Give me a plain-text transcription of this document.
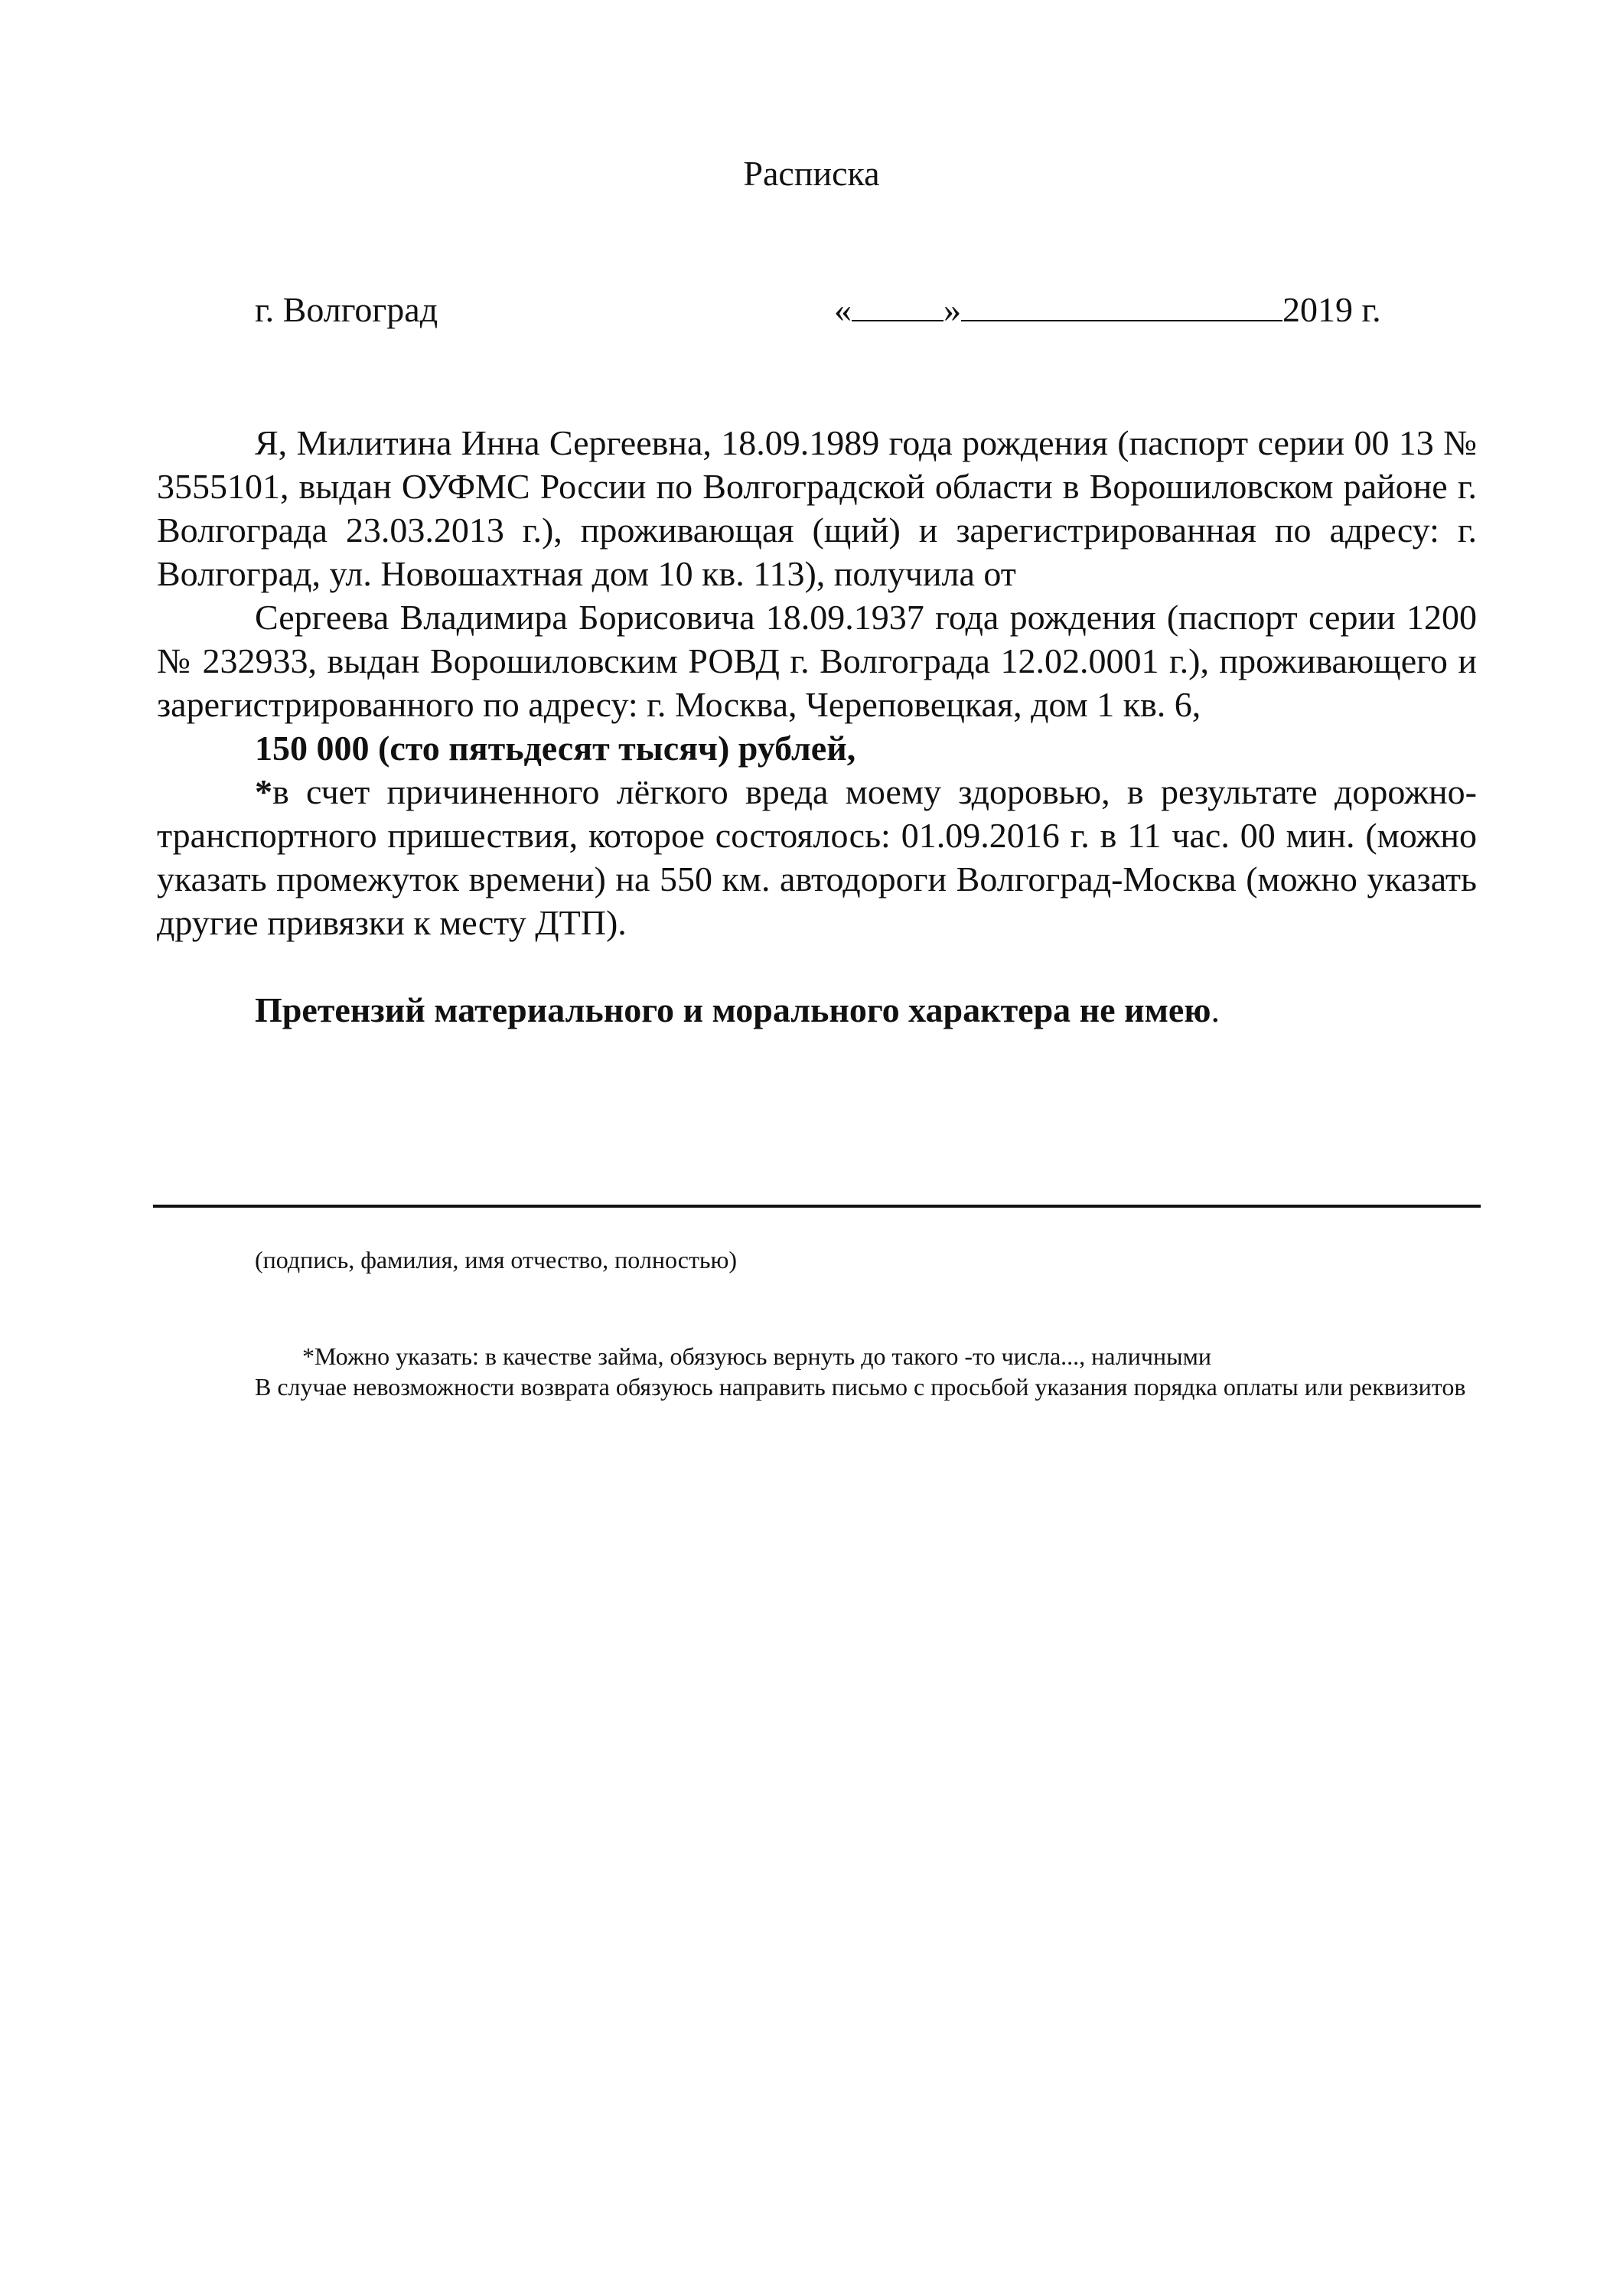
Расписка
г. Волгоград	«	»	2019 г.

Я, Милитина Инна Сергеевна, 18.09.1989 года рождения (паспорт серии 00 13 № 3555101, выдан ОУФМС России по Волгоградской области в Ворошиловском районе г. Волгограда 23.03.2013 г.), проживающая (щий) и зарегистрированная по адресу: г. Волгоград, ул. Новошахтная дом 10 кв. 113), получила от

Сергеева Владимира Борисовича 18.09.1937 года рождения (паспорт серии 1200 № 232933, выдан Ворошиловским РОВД г. Волгограда 12.02.0001 г.), проживающего и зарегистрированного по адресу: г. Москва, Череповецкая, дом 1 кв. 6,

150 000 (сто пятьдесят тысяч) рублей,

*в счет причиненного лёгкого вреда моему здоровью, в результате дорожно-транспортного пришествия, которое состоялось: 01.09.2016 г. в 11 час. 00 мин. (можно указать промежуток времени) на 550 км. автодороги Волгоград-Москва (можно указать другие привязки к месту ДТП).

Претензий материального и морального характера не имею.

(подпись, фамилия, имя отчество, полностью)

*Можно указать: в качестве займа, обязуюсь вернуть до такого -то числа..., наличными

В случае невозможности возврата обязуюсь направить письмо с просьбой указания порядка оплаты или реквизитов
